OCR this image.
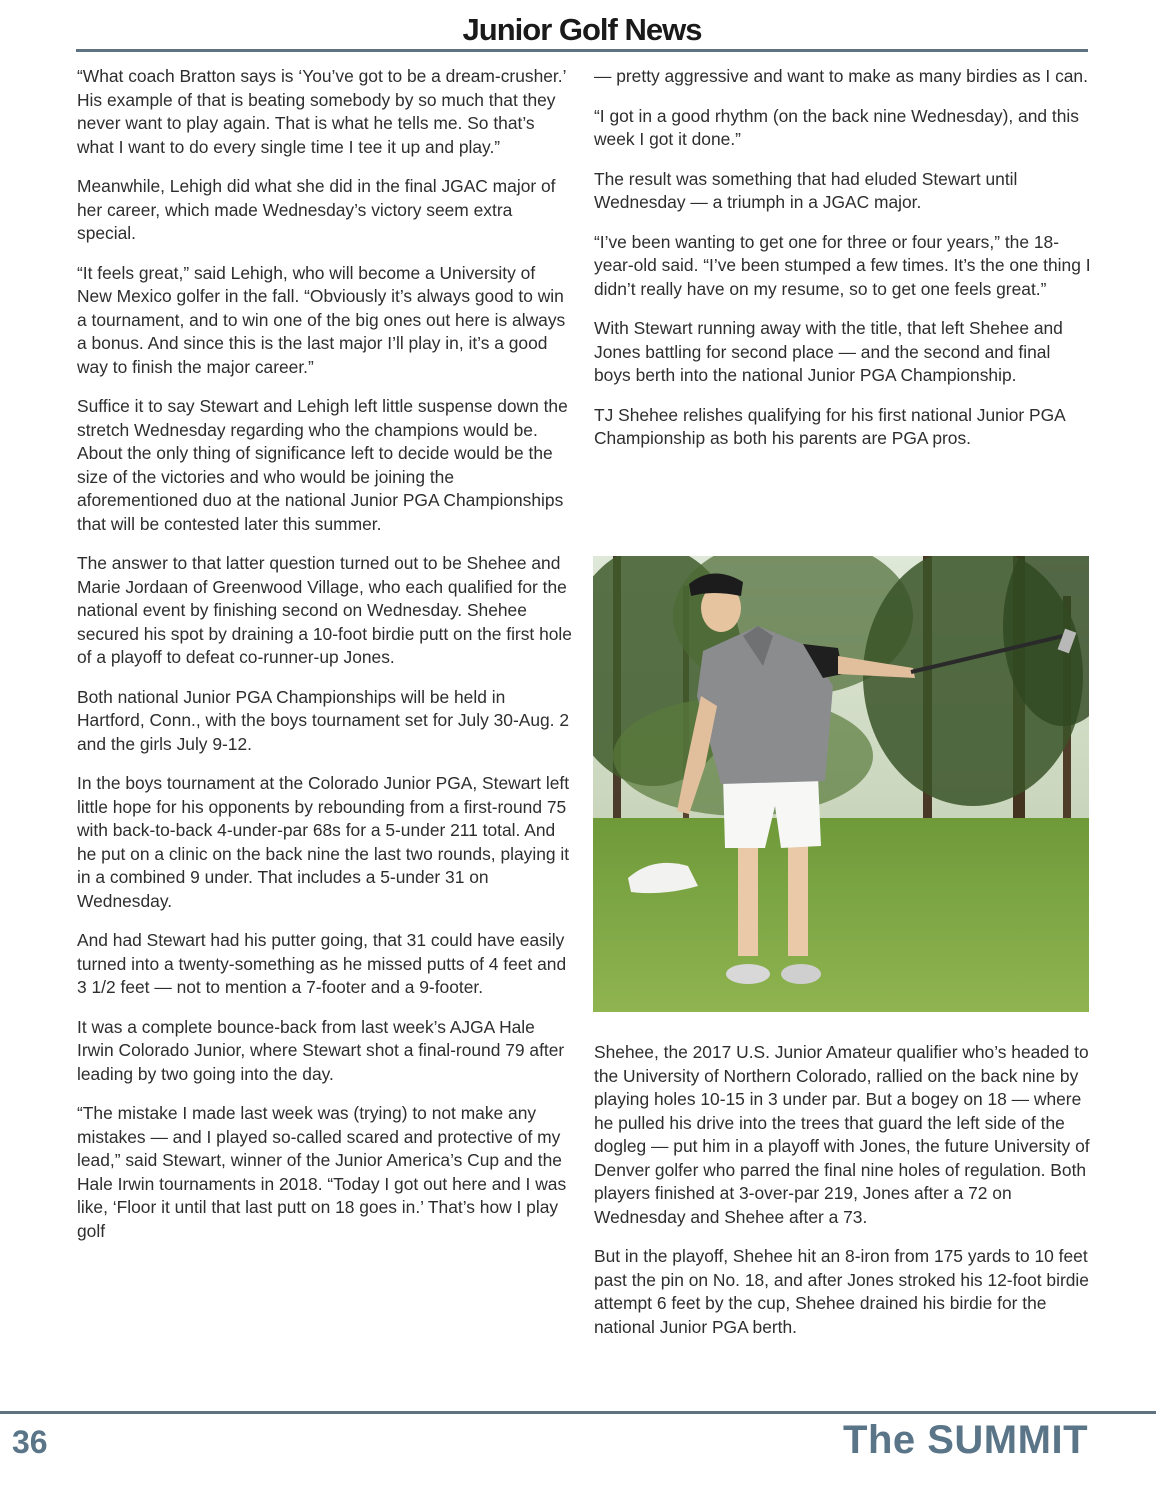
Junior Golf News

“What coach Bratton says is ‘You’ve got to be a dream-crusher.’ His example of that is beating somebody by so much that they never want to play again. That is what he tells me. So that’s what I want to do every single time I tee it up and play.”

Meanwhile, Lehigh did what she did in the final JGAC major of her career, which made Wednesday’s victory seem extra special.

“It feels great,” said Lehigh, who will become a University of New Mexico golfer in the fall. “Obviously it’s always good to win a tournament, and to win one of the big ones out here is always a bonus. And since this is the last major I’ll play in, it’s a good way to finish the major career.”

Suffice it to say Stewart and Lehigh left little suspense down the stretch Wednesday regarding who the champions would be. About the only thing of significance left to decide would be the size of the victories and who would be joining the aforementioned duo at the national Junior PGA Championships that will be contested later this summer.

The answer to that latter question turned out to be Shehee and Marie Jordaan of Greenwood Village, who each qualified for the national event by finishing second on Wednesday. Shehee secured his spot by draining a 10-foot birdie putt on the first hole of a playoff to defeat co-runner-up Jones.

Both national Junior PGA Championships will be held in Hartford, Conn., with the boys tournament set for July 30-Aug. 2 and the girls July 9-12.

In the boys tournament at the Colorado Junior PGA, Stewart left little hope for his opponents by rebounding from a first-round 75 with back-to-back 4-under-par 68s for a 5-under 211 total. And he put on a clinic on the back nine the last two rounds, playing it in a combined 9 under. That includes a 5-under 31 on Wednesday.

And had Stewart had his putter going, that 31 could have easily turned into a twenty-something as he missed putts of 4 feet and 3 1/2 feet — not to mention a 7-footer and a 9-footer.

It was a complete bounce-back from last week’s AJGA Hale Irwin Colorado Junior, where Stewart shot a final-round 79 after leading by two going into the day.

“The mistake I made last week was (trying) to not make any mistakes — and I played so-called scared and protective of my lead,” said Stewart, winner of the Junior America’s Cup and the Hale Irwin tournaments in 2018. “Today I got out here and I was like, ‘Floor it until that last putt on 18 goes in.’ That’s how I play golf

— pretty aggressive and want to make as many birdies as I can.

“I got in a good rhythm (on the back nine Wednesday), and this week I got it done.”

The result was something that had eluded Stewart until Wednesday — a triumph in a JGAC major.

“I’ve been wanting to get one for three or four years,” the 18-year-old said. “I’ve been stumped a few times. It’s the one thing I didn’t really have on my resume, so to get one feels great.”

With Stewart running away with the title, that left Shehee and Jones battling for second place — and the second and final boys berth into the national Junior PGA Championship.

TJ Shehee relishes qualifying for his first national Junior PGA Championship as both his parents are PGA pros.

Shehee, the 2017 U.S. Junior Amateur qualifier who’s headed to the University of Northern Colorado, rallied on the back nine by playing holes 10-15 in 3 under par. But a bogey on 18 — where he pulled his drive into the trees that guard the left side of the dogleg — put him in a playoff with Jones, the future University of Denver golfer who parred the final nine holes of regulation. Both players finished at 3-over-par 219, Jones after a 72 on Wednesday and Shehee after a 73.

But in the playoff, Shehee hit an 8-iron from 175 yards to 10 feet past the pin on No. 18, and after Jones stroked his 12-foot birdie attempt 6 feet by the cup, Shehee drained his birdie for the national Junior PGA berth.

36	The SUMMIT
